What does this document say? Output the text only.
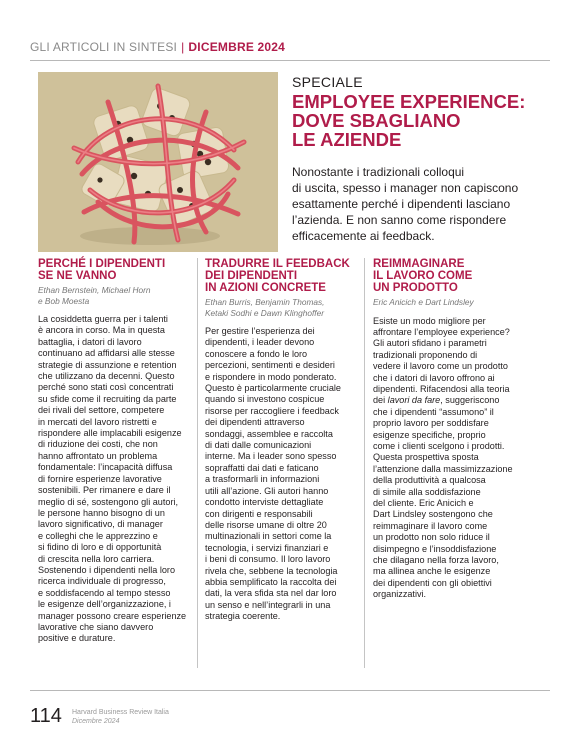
GLI ARTICOLI IN SINTESI | DICEMBRE 2024
SPECIALE
EMPLOYEE EXPERIENCE:
DOVE SBAGLIANO
LE AZIENDE
Nonostante i tradizionali colloqui
di uscita, spesso i manager non capiscono
esattamente perché i dipendenti lasciano
l’azienda. E non sanno come rispondere
efficacemente ai feedback.
PERCHÉ I DIPENDENTI
SE NE VANNO
Ethan Bernstein, Michael Horn
e Bob Moesta
La cosiddetta guerra per i talenti
è ancora in corso. Ma in questa
battaglia, i datori di lavoro
continuano ad affidarsi alle stesse
strategie di assunzione e retention
che utilizzano da decenni. Questo
perché sono stati così concentrati
su sfide come il recruiting da parte
dei rivali del settore, competere
in mercati del lavoro ristretti e
rispondere alle implacabili esigenze
di riduzione dei costi, che non
hanno affrontato un problema
fondamentale: l’incapacità diffusa
di fornire esperienze lavorative
sostenibili. Per rimanere e dare il
meglio di sé, sostengono gli autori,
le persone hanno bisogno di un
lavoro significativo, di manager
e colleghi che le apprezzino e
si fidino di loro e di opportunità
di crescita nella loro carriera.
Sostenendo i dipendenti nella loro
ricerca individuale di progresso,
e soddisfacendo al tempo stesso
le esigenze dell’organizzazione, i
manager possono creare esperienze
lavorative che siano davvero
positive e durature.
TRADURRE IL FEEDBACK
DEI DIPENDENTI
IN AZIONI CONCRETE
Ethan Burris, Benjamin Thomas,
Ketaki Sodhi e Dawn Klinghoffer
Per gestire l’esperienza dei
dipendenti, i leader devono
conoscere a fondo le loro
percezioni, sentimenti e desideri
e rispondere in modo ponderato.
Questo è particolarmente cruciale
quando si investono cospicue
risorse per raccogliere i feedback
dei dipendenti attraverso
sondaggi, assemblee e raccolta
di dati dalle comunicazioni
interne. Ma i leader sono spesso
sopraffatti dai dati e faticano
a trasformarli in informazioni
utili all’azione. Gli autori hanno
condotto interviste dettagliate
con dirigenti e responsabili
delle risorse umane di oltre 20
multinazionali in settori come la
tecnologia, i servizi finanziari e
i beni di consumo. Il loro lavoro
rivela che, sebbene la tecnologia
abbia semplificato la raccolta dei
dati, la vera sfida sta nel dar loro
un senso e nell’integrarli in una
strategia coerente.
REIMMAGINARE
IL LAVORO COME
UN PRODOTTO
Eric Anicich e Dart Lindsley
Esiste un modo migliore per
affrontare l’employee experience?
Gli autori sfidano i parametri
tradizionali proponendo di
vedere il lavoro come un prodotto
che i datori di lavoro offrono ai
dipendenti. Rifacendosi alla teoria
dei lavori da fare, suggeriscono
che i dipendenti “assumono” il
proprio lavoro per soddisfare
esigenze specifiche, proprio
come i clienti scelgono i prodotti.
Questa prospettiva sposta
l’attenzione dalla massimizzazione
della produttività a qualcosa
di simile alla soddisfazione
del cliente. Eric Anicich e
Dart Lindsley sostengono che
reimmaginare il lavoro come
un prodotto non solo riduce il
disimpegno e l’insoddisfazione
che dilagano nella forza lavoro,
ma allinea anche le esigenze
dei dipendenti con gli obiettivi
organizzativi.
114 Harvard Business Review Italia
Dicembre 2024
